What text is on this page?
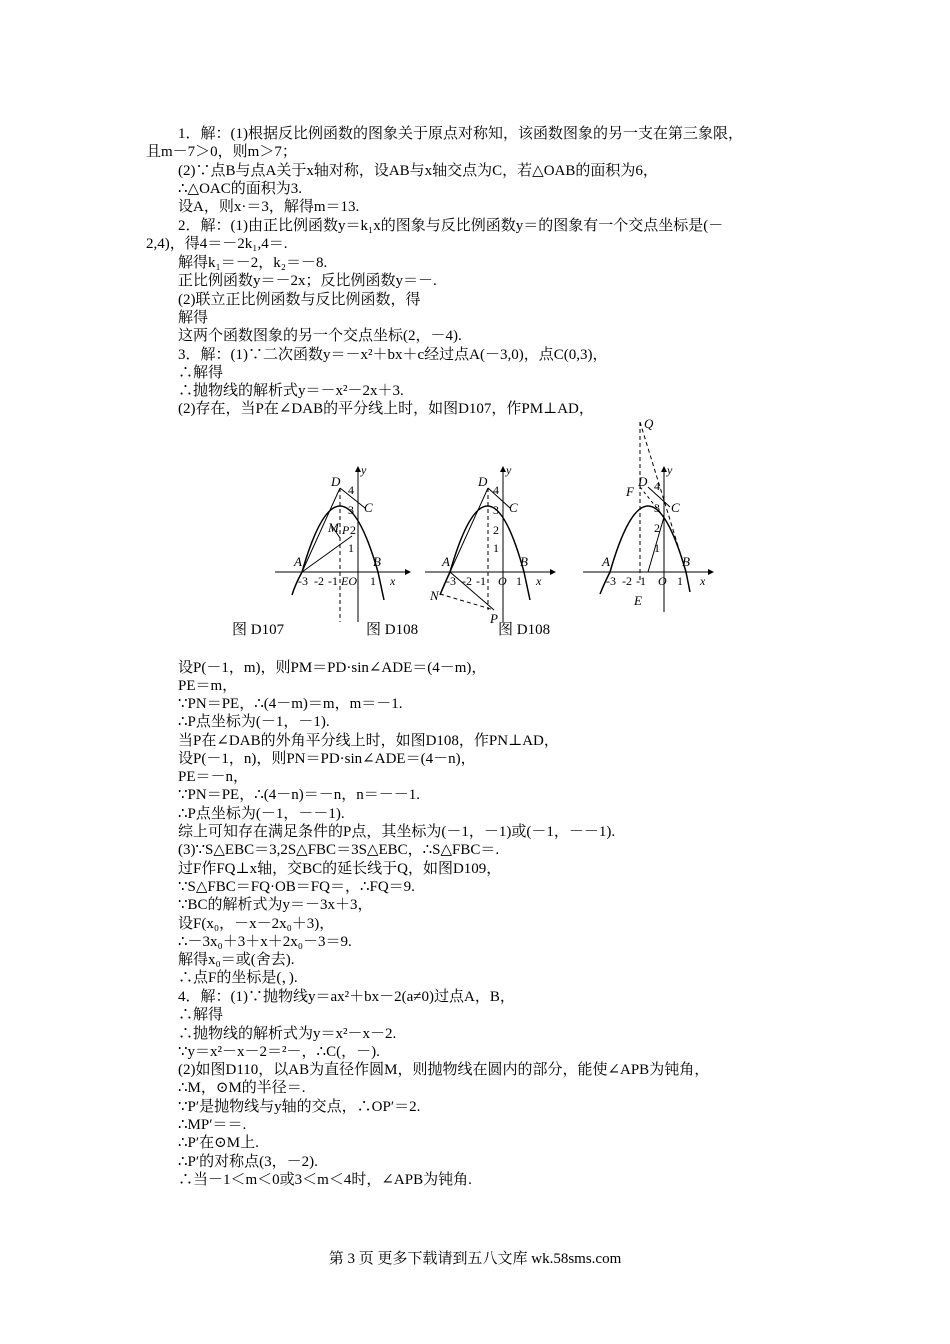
1．解：(1)根据反比例函数的图象关于原点对称知，该函数图象的另一支在第三象限，
且m－7＞0，则m＞7；
(2)∵点B与点A关于x轴对称，设AB与x轴交点为C，若△OAB的面积为6，
∴△OAC的面积为3.
设A，则x·＝3，解得m＝13.
2．解：(1)由正比例函数y＝k₁x的图象与反比例函数y＝的图象有一个交点坐标是(－
2,4)，得4＝－2k₁,4＝.
解得k₁＝－2，k₂＝－8.
正比例函数y＝－2x；反比例函数y＝－.
(2)联立正比例函数与反比例函数，得
解得
这两个函数图象的另一个交点坐标(2，－4).
3．解：(1)∵二次函数y＝－x²＋bx＋c经过点A(－3,0)，点C(0,3)，
∴解得
∴抛物线的解析式y＝－x²－2x＋3.
(2)存在，当P在∠DAB的平分线上时，如图D107，作PM⊥AD，
D
y
4
3 C
M P 2
1
A	B
-3 -2 -1 EO 1 x
D
y
4
3 C
2
1
A	B
-3 -2 -1 O 1 x
N
P
Q
y
D
F 4
3 C
2
1
A	B
-3 -2 -1 O 1 x
E
图 D107	图 D108	图 D108
设P(－1，m)，则PM＝PD·sin∠ADE＝(4－m)，
PE＝m，
∵PN＝PE，∴(4－m)＝m，m＝－1.
∴P点坐标为(－1，－1).
当P在∠DAB的外角平分线上时，如图D108，作PN⊥AD，
设P(－1，n)，则PN＝PD·sin∠ADE＝(4－n)，
PE＝－n，
∵PN＝PE，∴(4－n)＝－n，n＝－－1.
∴P点坐标为(－1，－－1).
综上可知存在满足条件的P点，其坐标为(－1，－1)或(－1，－－1).
(3)∵S△EBC＝3,2S△FBC＝3S△EBC，∴S△FBC＝.
过F作FQ⊥x轴，交BC的延长线于Q，如图D109，
∵S△FBC＝FQ·OB＝FQ＝，∴FQ＝9.
∵BC的解析式为y＝－3x＋3，
设F(x₀，－x－2x₀＋3)，
∴－3x₀＋3＋x＋2x₀－3＝9.
解得x₀＝或(舍去).
∴点F的坐标是(，).
4．解：(1)∵抛物线y＝ax²＋bx－2(a≠0)过点A，B，
∴解得
∴抛物线的解析式为y＝x²－x－2.
∵y＝x²－x－2＝²－，∴C(，－).
(2)如图D110，以AB为直径作圆M，则抛物线在圆内的部分，能使∠APB为钝角，
∴M，⊙M的半径＝.
∵P′是抛物线与y轴的交点，∴OP′＝2.
∴MP′＝＝.
∴P′在⊙M上.
∴P′的对称点(3，－2).
∴当－1＜m＜0或3＜m＜4时，∠APB为钝角.
第 3 页 更多下载请到五八文库 wk.58sms.com
